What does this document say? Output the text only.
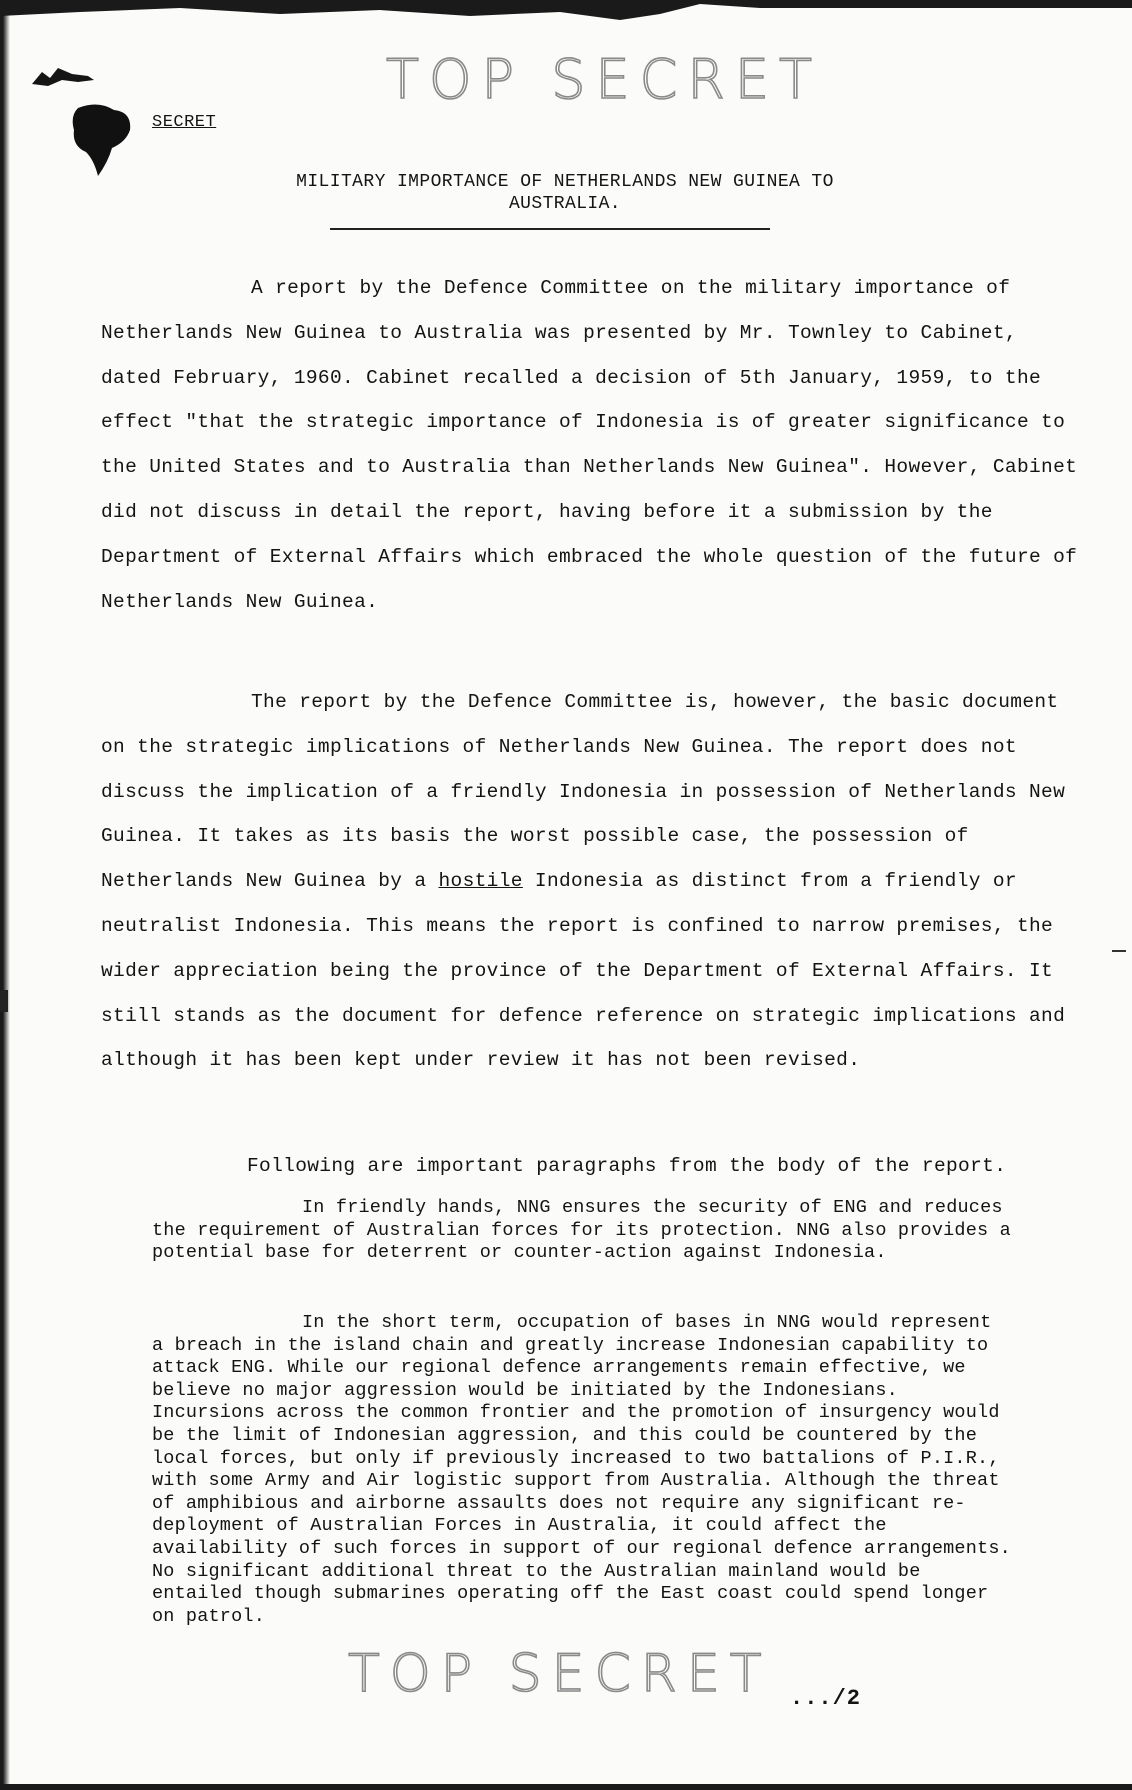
TOP SECRET
SECRET
MILITARY IMPORTANCE OF NETHERLANDS NEW GUINEA TO
AUSTRALIA.
A report by the Defence Committee on the military importance of Netherlands New Guinea to Australia was presented by Mr. Townley to Cabinet, dated February, 1960. Cabinet recalled a decision of 5th January, 1959, to the effect "that the strategic importance of Indonesia is of greater significance to the United States and to Australia than Netherlands New Guinea". However, Cabinet did not discuss in detail the report, having before it a submission by the Department of External Affairs which embraced the whole question of the future of Netherlands New Guinea.
The report by the Defence Committee is, however, the basic document on the strategic implications of Netherlands New Guinea. The report does not discuss the implication of a friendly Indonesia in possession of Netherlands New Guinea. It takes as its basis the worst possible case, the possession of Netherlands New Guinea by a hostile Indonesia as distinct from a friendly or neutralist Indonesia. This means the report is confined to narrow premises, the wider appreciation being the province of the Department of External Affairs. It still stands as the document for defence reference on strategic implications and although it has been kept under review it has not been revised.
Following are important paragraphs from the body of the report.
In friendly hands, NNG ensures the security of ENG and reduces the requirement of Australian forces for its protection. NNG also provides a potential base for deterrent or counter-action against Indonesia.
In the short term, occupation of bases in NNG would represent a breach in the island chain and greatly increase Indonesian capability to attack ENG. While our regional defence arrangements remain effective, we believe no major aggression would be initiated by the Indonesians. Incursions across the common frontier and the promotion of insurgency would be the limit of Indonesian aggression, and this could be countered by the local forces, but only if previously increased to two battalions of P.I.R., with some Army and Air logistic support from Australia. Although the threat of amphibious and airborne assaults does not require any significant re-deployment of Australian Forces in Australia, it could affect the availability of such forces in support of our regional defence arrangements. No significant additional threat to the Australian mainland would be entailed though submarines operating off the East coast could spend longer on patrol.
TOP SECRET .../2
